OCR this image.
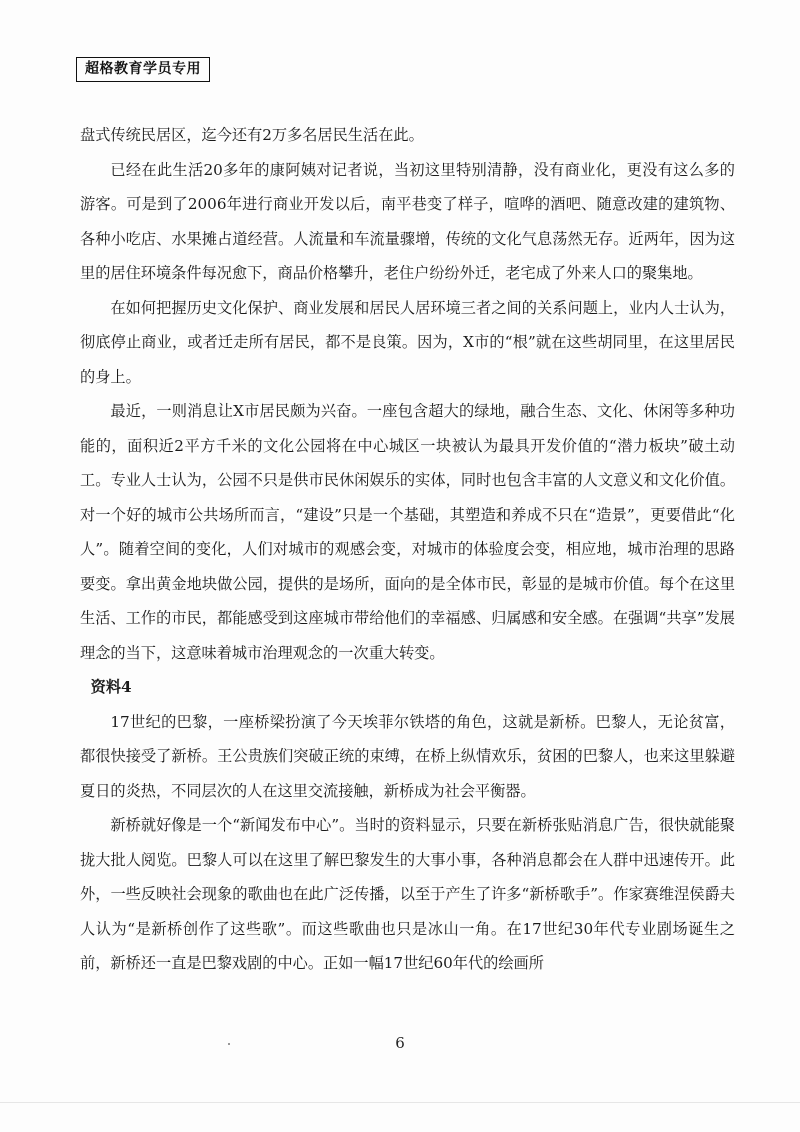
超格教育学员专用

盘式传统民居区，迄今还有2万多名居民生活在此。

已经在此生活20多年的康阿姨对记者说，当初这里特别清静，没有商业化，更没有这么多的游客。可是到了2006年进行商业开发以后，南平巷变了样子，喧哗的酒吧、随意改建的建筑物、各种小吃店、水果摊占道经营。人流量和车流量骤增，传统的文化气息荡然无存。近两年，因为这里的居住环境条件每况愈下，商品价格攀升，老住户纷纷外迁，老宅成了外来人口的聚集地。

在如何把握历史文化保护、商业发展和居民人居环境三者之间的关系问题上，业内人士认为，彻底停止商业，或者迁走所有居民，都不是良策。因为，X市的“根”就在这些胡同里，在这里居民的身上。

最近，一则消息让X市居民颇为兴奋。一座包含超大的绿地，融合生态、文化、休闲等多种功能的，面积近2平方千米的文化公园将在中心城区一块被认为最具开发价值的“潜力板块”破土动工。专业人士认为，公园不只是供市民休闲娱乐的实体，同时也包含丰富的人文意义和文化价值。对一个好的城市公共场所而言，“建设”只是一个基础，其塑造和养成不只在“造景”，更要借此“化人”。随着空间的变化，人们对城市的观感会变，对城市的体验度会变，相应地，城市治理的思路要变。拿出黄金地块做公园，提供的是场所，面向的是全体市民，彰显的是城市价值。每个在这里生活、工作的市民，都能感受到这座城市带给他们的幸福感、归属感和安全感。在强调“共享”发展理念的当下，这意味着城市治理观念的一次重大转变。

资料4

17世纪的巴黎，一座桥梁扮演了今天埃菲尔铁塔的角色，这就是新桥。巴黎人，无论贫富，都很快接受了新桥。王公贵族们突破正统的束缚，在桥上纵情欢乐，贫困的巴黎人，也来这里躲避夏日的炎热，不同层次的人在这里交流接触，新桥成为社会平衡器。

新桥就好像是一个“新闻发布中心”。当时的资料显示，只要在新桥张贴消息广告，很快就能聚拢大批人阅览。巴黎人可以在这里了解巴黎发生的大事小事，各种消息都会在人群中迅速传开。此外，一些反映社会现象的歌曲也在此广泛传播，以至于产生了许多“新桥歌手”。作家赛维涅侯爵夫人认为“是新桥创作了这些歌”。而这些歌曲也只是冰山一角。在17世纪30年代专业剧场诞生之前，新桥还一直是巴黎戏剧的中心。正如一幅17世纪60年代的绘画所

6
